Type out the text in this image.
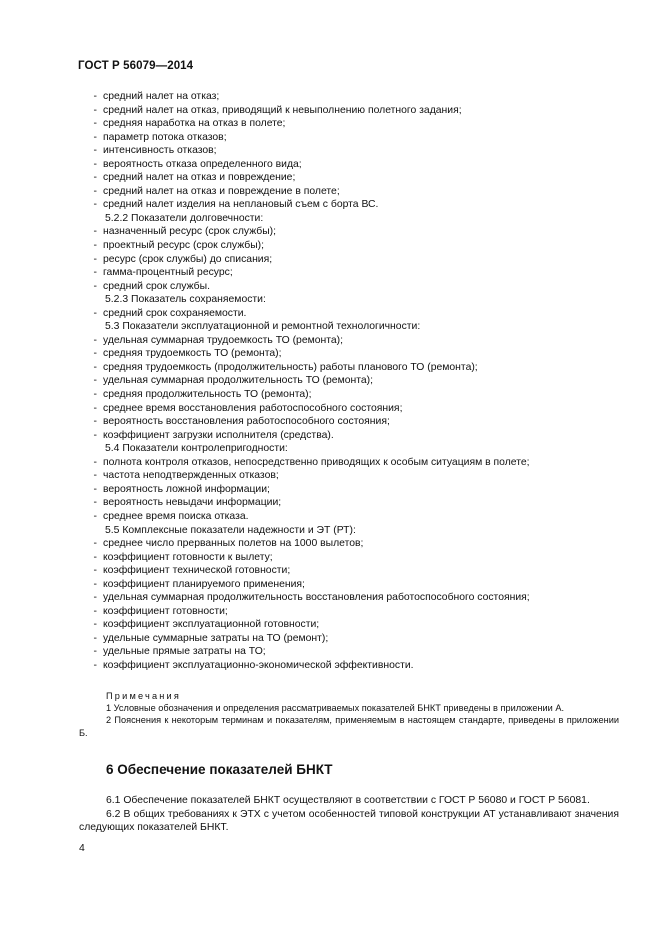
ГОСТ Р 56079—2014
- средний налет на отказ;
- средний налет на отказ, приводящий к невыполнению полетного задания;
- средняя наработка на отказ в полете;
- параметр потока отказов;
- интенсивность отказов;
- вероятность отказа определенного вида;
- средний налет на отказ и повреждение;
- средний налет на отказ и повреждение в полете;
- средний налет изделия на неплановый съем с борта ВС.
5.2.2 Показатели долговечности:
- назначенный ресурс (срок службы);
- проектный ресурс (срок службы);
- ресурс (срок службы) до списания;
- гамма-процентный ресурс;
- средний срок службы.
5.2.3 Показатель сохраняемости:
- средний срок сохраняемости.
5.3 Показатели эксплуатационной и ремонтной технологичности:
- удельная суммарная трудоемкость ТО (ремонта);
- средняя трудоемкость ТО (ремонта);
- средняя трудоемкость (продолжительность) работы планового ТО (ремонта);
- удельная суммарная продолжительность ТО (ремонта);
- средняя продолжительность ТО (ремонта);
- среднее время восстановления работоспособного состояния;
- вероятность восстановления работоспособного состояния;
- коэффициент загрузки исполнителя (средства).
5.4 Показатели контролепригодности:
- полнота контроля отказов, непосредственно приводящих к особым ситуациям в полете;
- частота неподтвержденных отказов;
- вероятность ложной информации;
- вероятность невыдачи информации;
- среднее время поиска отказа.
5.5 Комплексные показатели надежности и ЭТ (РТ):
- среднее число прерванных полетов на 1000 вылетов;
- коэффициент готовности к вылету;
- коэффициент технической готовности;
- коэффициент планируемого применения;
- удельная суммарная продолжительность восстановления работоспособного состояния;
- коэффициент готовности;
- коэффициент эксплуатационной готовности;
- удельные суммарные затраты на ТО (ремонт);
- удельные прямые затраты на ТО;
- коэффициент эксплуатационно-экономической эффективности.
Примечания
1 Условные обозначения и определения рассматриваемых показателей БНКТ приведены в приложении А.
2 Пояснения к некоторым терминам и показателям, применяемым в настоящем стандарте, приведены в приложении Б.
6 Обеспечение показателей БНКТ
6.1 Обеспечение показателей БНКТ осуществляют в соответствии с ГОСТ Р 56080 и ГОСТ Р 56081.
6.2 В общих требованиях к ЭТХ с учетом особенностей типовой конструкции АТ устанавливают значения следующих показателей БНКТ.
4
